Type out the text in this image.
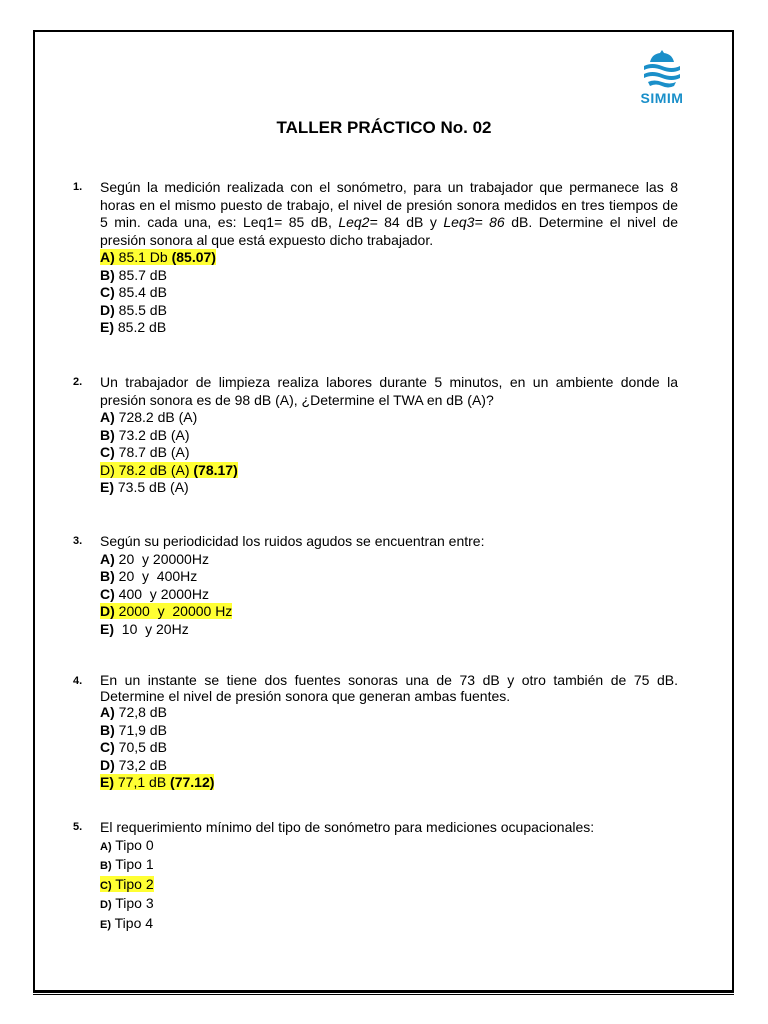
SIMIM
TALLER PRÁCTICO No. 02
1. Según la medición realizada con el sonómetro, para un trabajador que permanece las 8 horas en el mismo puesto de trabajo, el nivel de presión sonora medidos en tres tiempos de 5 min. cada una, es: Leq1= 85 dB, Leq2= 84 dB y Leq3= 86 dB. Determine el nivel de presión sonora al que está expuesto dicho trabajador.
A) 85.1 Db (85.07)
B) 85.7 dB
C) 85.4 dB
D) 85.5 dB
E) 85.2 dB
2. Un trabajador de limpieza realiza labores durante 5 minutos, en un ambiente donde la presión sonora es de 98 dB (A), ¿Determine el TWA en dB (A)?
A) 728.2 dB (A)
B) 73.2 dB (A)
C) 78.7 dB (A)
D) 78.2 dB (A) (78.17)
E) 73.5 dB (A)
3. Según su periodicidad los ruidos agudos se encuentran entre:
A) 20  y 20000Hz
B) 20  y  400Hz
C) 400  y 2000Hz
D) 2000  y  20000 Hz
E)  10  y 20Hz
4. En un instante se tiene dos fuentes sonoras una de 73 dB y otro también de 75 dB. Determine el nivel de presión sonora que generan ambas fuentes.
A) 72,8 dB
B) 71,9 dB
C) 70,5 dB
D) 73,2 dB
E) 77,1 dB (77.12)
5. El requerimiento mínimo del tipo de sonómetro para mediciones ocupacionales:
A) Tipo 0
B) Tipo 1
C) Tipo 2
D) Tipo 3
E) Tipo 4
